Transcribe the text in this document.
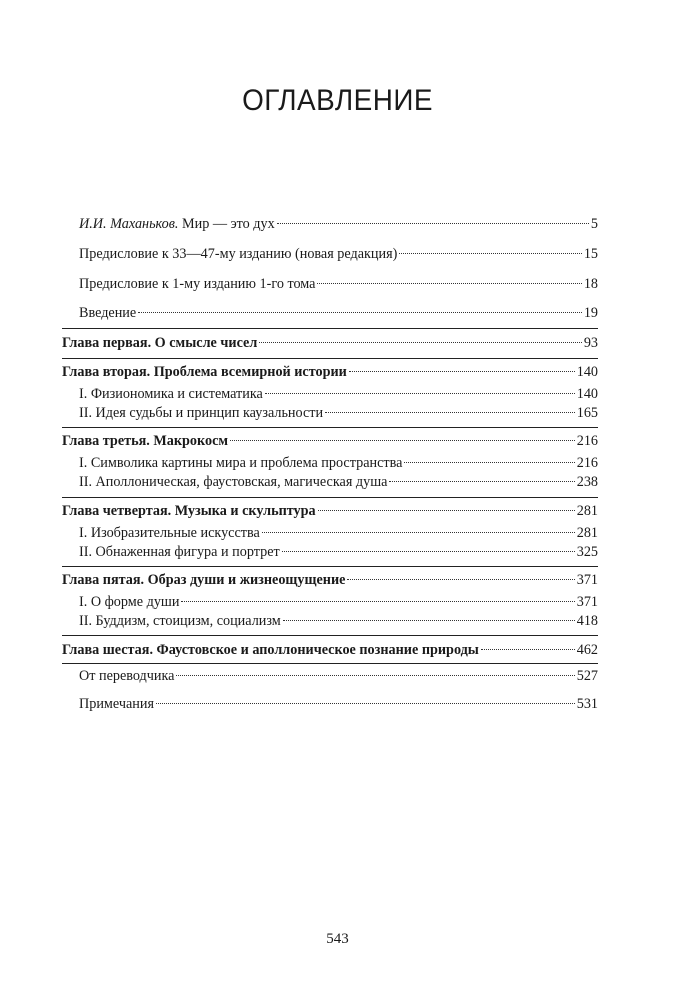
ОГЛАВЛЕНИЕ
И.И. Маханьков. Мир — это дух	5
Предисловие к 33—47-му изданию (новая редакция)	15
Предисловие к 1-му изданию 1-го тома	18
Введение	19
Глава первая. О смысле чисел	93
Глава вторая. Проблема всемирной истории	140
I. Физиономика и систематика	140
II. Идея судьбы и принцип каузальности	165
Глава третья. Макрокосм	216
I. Символика картины мира и проблема пространства	216
II. Аполлоническая, фаустовская, магическая душа	238
Глава четвертая. Музыка и скульптура	281
I. Изобразительные искусства	281
II. Обнаженная фигура и портрет	325
Глава пятая. Образ души и жизнеощущение	371
I. О форме души	371
II. Буддизм, стоицизм, социализм	418
Глава шестая. Фаустовское и аполлоническое познание природы	462
От переводчика	527
Примечания	531
543
